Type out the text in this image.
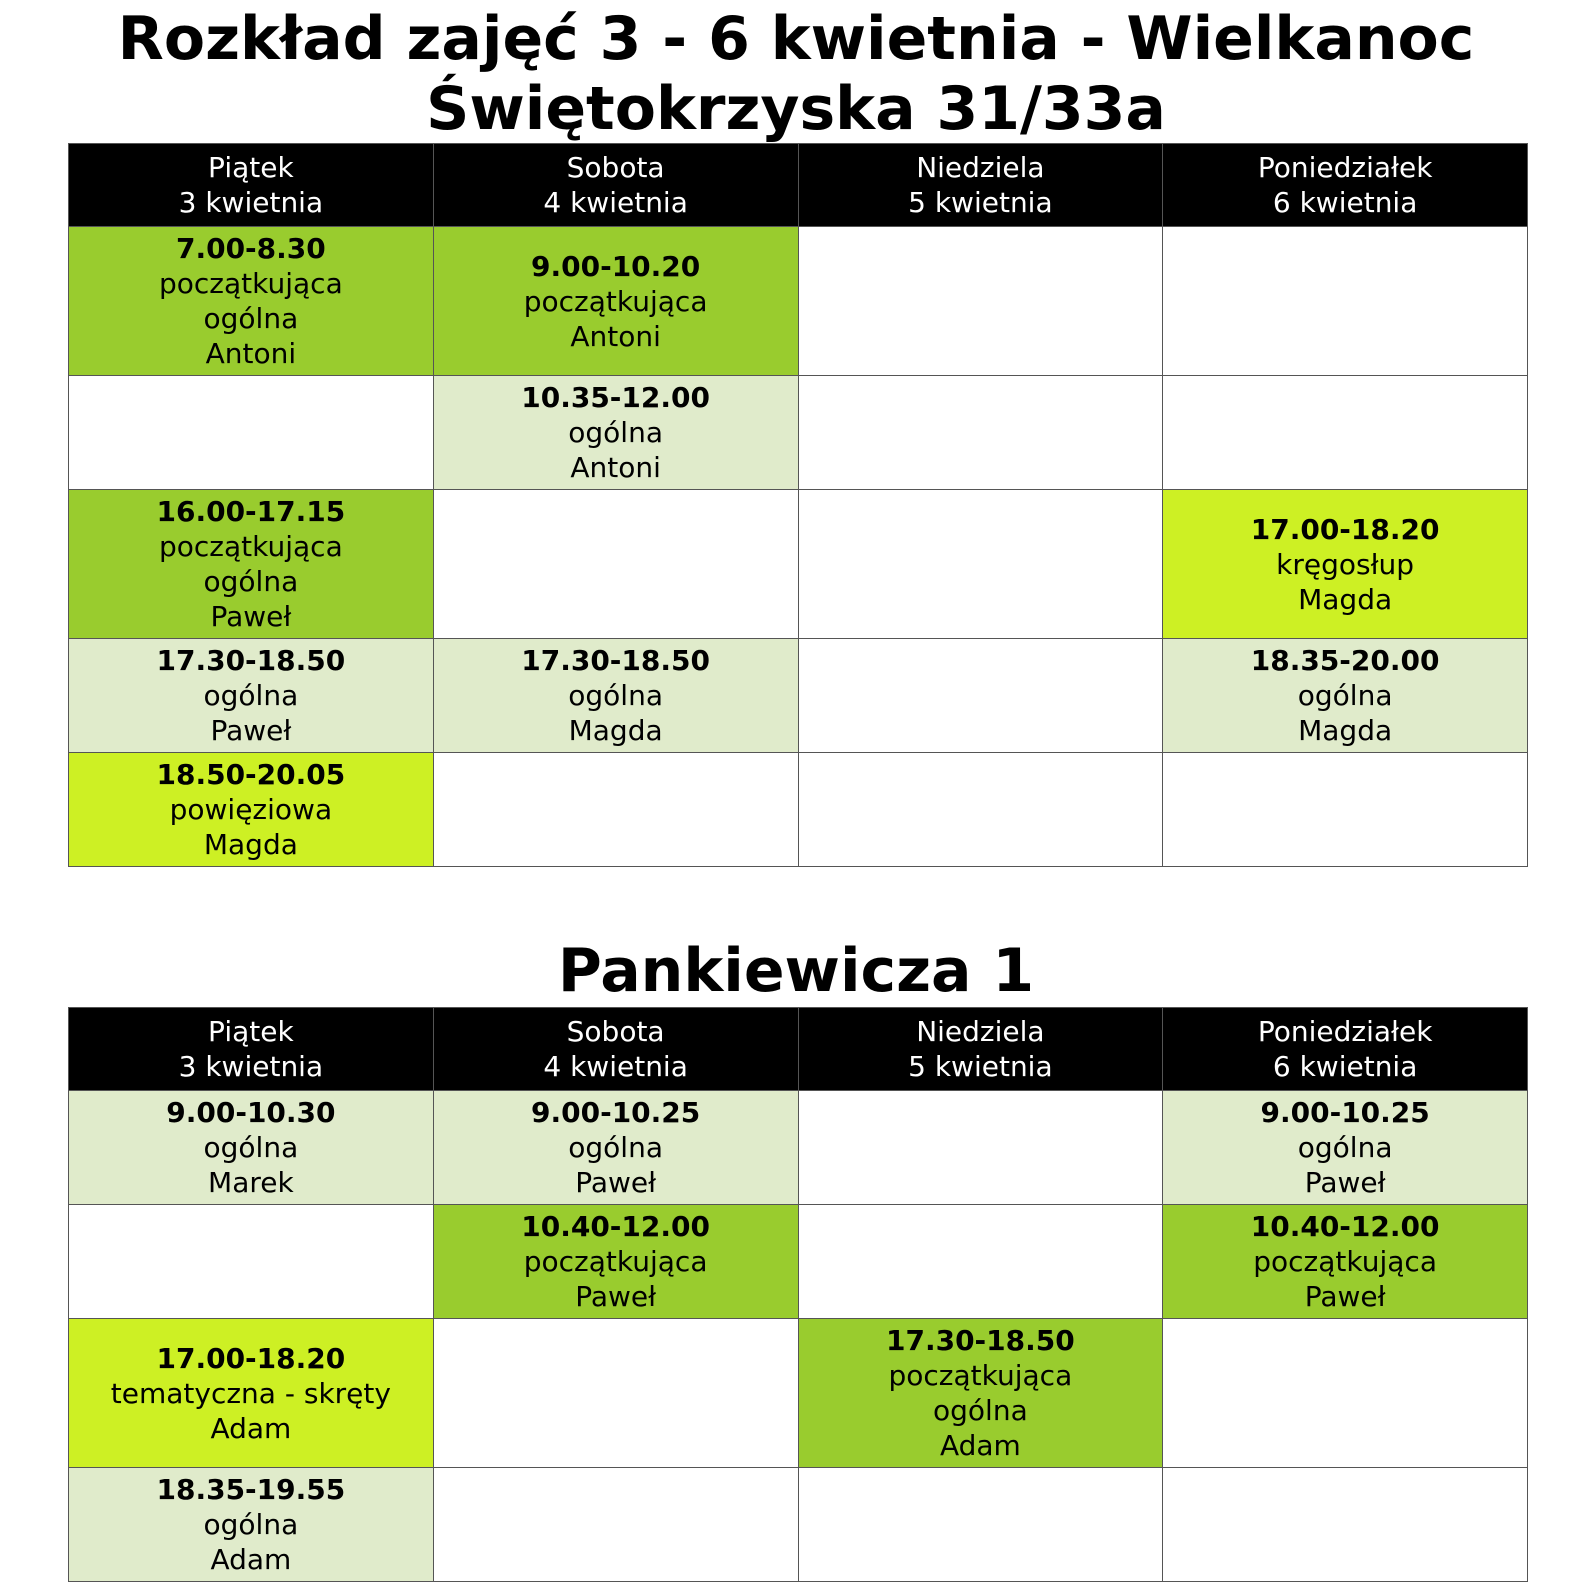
Rozkład zajęć 3 - 6 kwietnia - Wielkanoc
Świętokrzyska 31/33a
Piątek
3 kwietnia	Sobota
4 kwietnia	Niedziela
5 kwietnia	Poniedziałek
6 kwietnia

7.00-8.30
początkująca
ogólna
Antoni	9.00-10.20
początkująca
Antoni		

	10.35-12.00
ogólna
Antoni		

16.00-17.15
początkująca
ogólna
Paweł			17.00-18.20
kręgosłup
Magda

17.30-18.50
ogólna
Paweł	17.30-18.50
ogólna
Magda		18.35-20.00
ogólna
Magda

18.50-20.05
powięziowa
Magda			

Pankiewicza 1
Piątek
3 kwietnia	Sobota
4 kwietnia	Niedziela
5 kwietnia	Poniedziałek
6 kwietnia

9.00-10.30
ogólna
Marek	9.00-10.25
ogólna
Paweł		9.00-10.25
ogólna
Paweł

	10.40-12.00
początkująca
Paweł		10.40-12.00
początkująca
Paweł

17.00-18.20
tematyczna - skręty
Adam		17.30-18.50
początkująca
ogólna
Adam	

18.35-19.55
ogólna
Adam			
